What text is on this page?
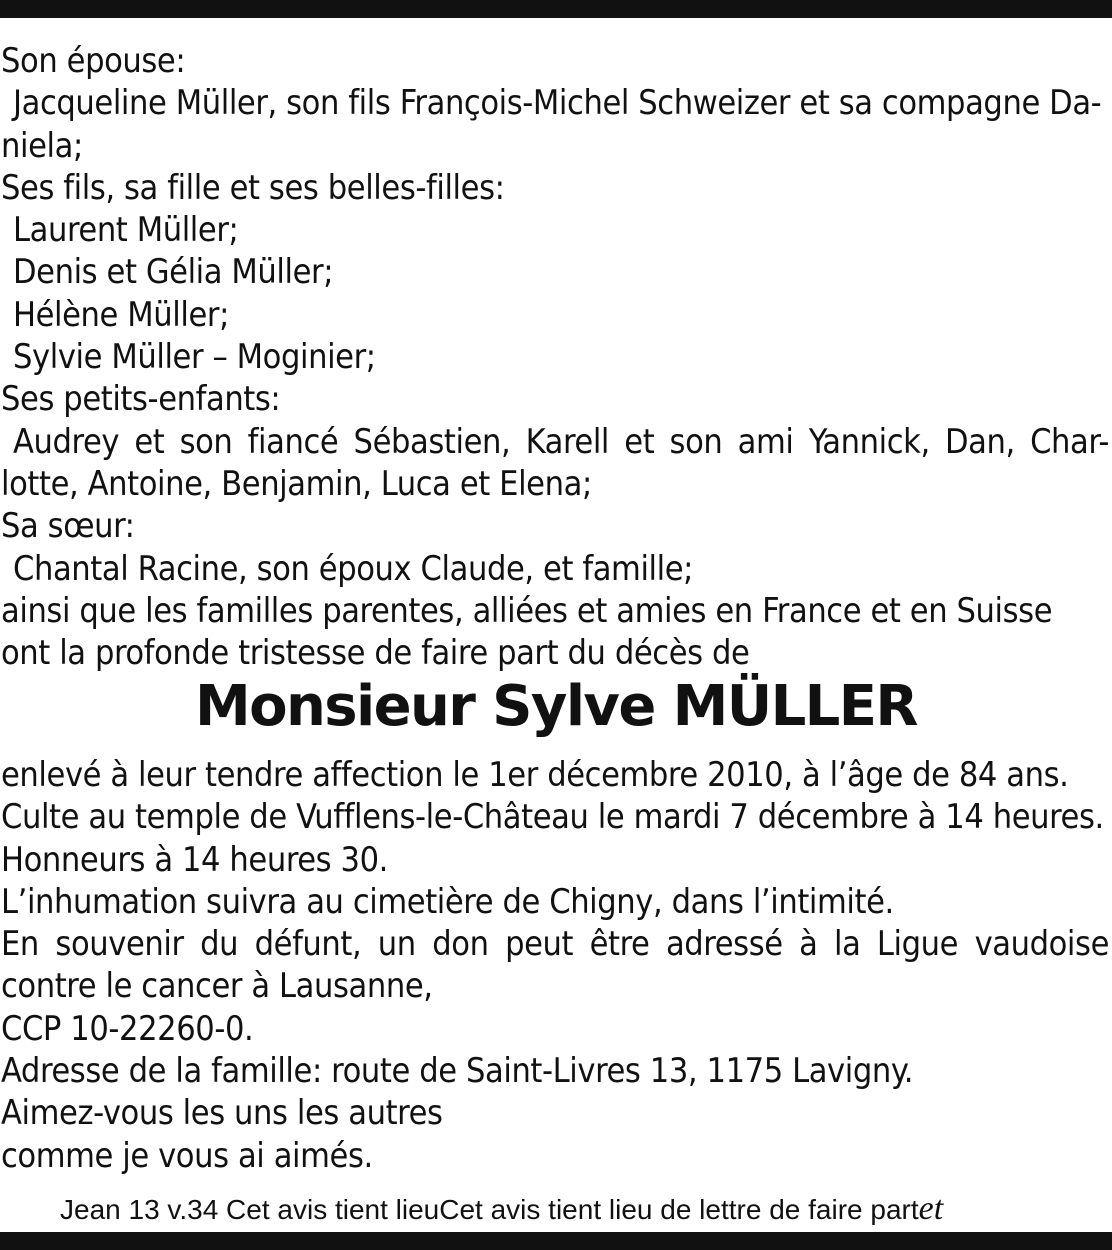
Son épouse:
Jacqueline Müller, son fils François-Michel Schweizer et sa compagne Da-
niela;
Ses fils, sa fille et ses belles-filles:
Laurent Müller;
Denis et Gélia Müller;
Hélène Müller;
Sylvie Müller – Moginier;
Ses petits-enfants:
Audrey et son fiancé Sébastien, Karell et son ami Yannick, Dan, Char-
lotte, Antoine, Benjamin, Luca et Elena;
Sa sœur:
Chantal Racine, son époux Claude, et famille;
ainsi que les familles parentes, alliées et amies en France et en Suisse
ont la profonde tristesse de faire part du décès de
Monsieur Sylve MÜLLER
enlevé à leur tendre affection le 1er décembre 2010, à l’âge de 84 ans.
Culte au temple de Vufflens-le-Château le mardi 7 décembre à 14 heures.
Honneurs à 14 heures 30.
L’inhumation suivra au cimetière de Chigny, dans l’intimité.
En souvenir du défunt, un don peut être adressé à la Ligue vaudoise
contre le cancer à Lausanne,
CCP 10-22260-0.
Adresse de la famille: route de Saint-Livres 13, 1175 Lavigny.
Aimez-vous les uns les autres
comme je vous ai aimés.
Jean 13 v.34 Cet avis tient lieuCet avis tient lieu de lettre de faire partet
